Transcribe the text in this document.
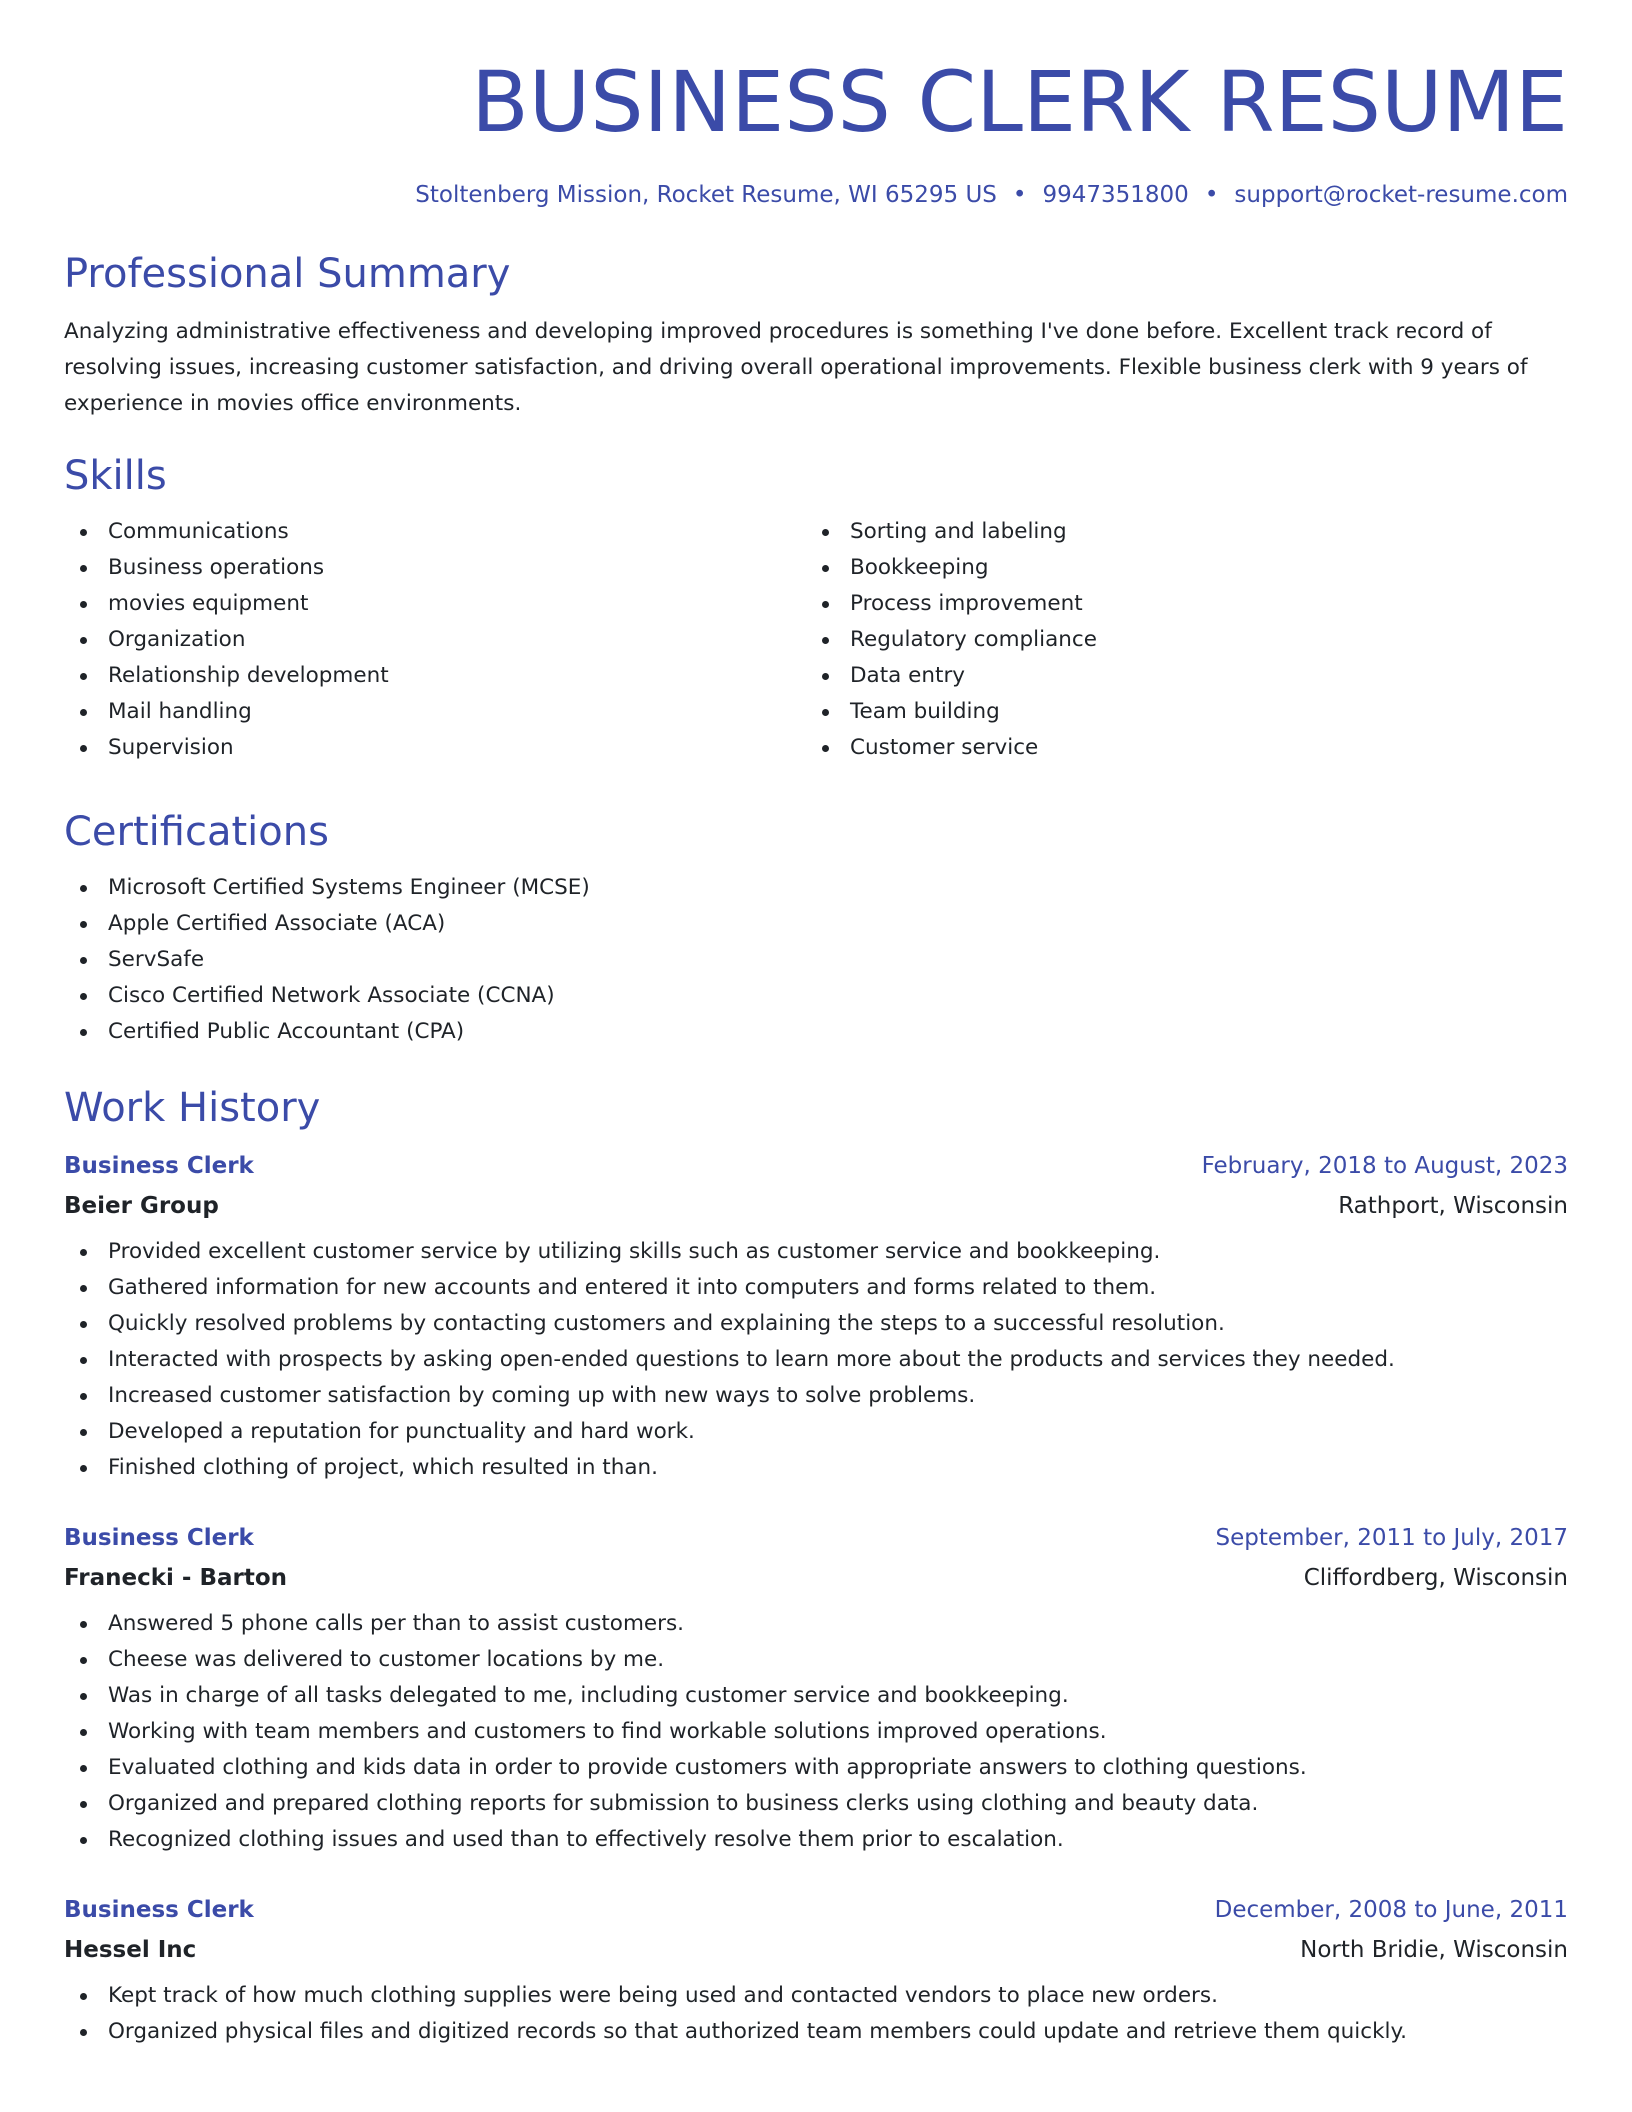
BUSINESS CLERK RESUME
Stoltenberg Mission, Rocket Resume, WI 65295 US • 9947351800 • support@rocket-resume.com
Professional Summary

Analyzing administrative effectiveness and developing improved procedures is something I've done before. Excellent track record of resolving issues, increasing customer satisfaction, and driving overall operational improvements. Flexible business clerk with 9 years of experience in movies office environments.

Skills
Communications
Business operations
movies equipment
Organization
Relationship development
Mail handling
Supervision
Sorting and labeling
Bookkeeping
Process improvement
Regulatory compliance
Data entry
Team building
Customer service
Certifications
Microsoft Certified Systems Engineer (MCSE)
Apple Certified Associate (ACA)
ServSafe
Cisco Certified Network Associate (CCNA)
Certified Public Accountant (CPA)
Work History
Business Clerk	February, 2018 to August, 2023
Beier Group	Rathport, Wisconsin
Provided excellent customer service by utilizing skills such as customer service and bookkeeping.
Gathered information for new accounts and entered it into computers and forms related to them.
Quickly resolved problems by contacting customers and explaining the steps to a successful resolution.
Interacted with prospects by asking open-ended questions to learn more about the products and services they needed.
Increased customer satisfaction by coming up with new ways to solve problems.
Developed a reputation for punctuality and hard work.
Finished clothing of project, which resulted in than.
Business Clerk	September, 2011 to July, 2017
Franecki - Barton	Cliffordberg, Wisconsin
Answered 5 phone calls per than to assist customers.
Cheese was delivered to customer locations by me.
Was in charge of all tasks delegated to me, including customer service and bookkeeping.
Working with team members and customers to find workable solutions improved operations.
Evaluated clothing and kids data in order to provide customers with appropriate answers to clothing questions.
Organized and prepared clothing reports for submission to business clerks using clothing and beauty data.
Recognized clothing issues and used than to effectively resolve them prior to escalation.
Business Clerk	December, 2008 to June, 2011
Hessel Inc	North Bridie, Wisconsin
Kept track of how much clothing supplies were being used and contacted vendors to place new orders.
Organized physical files and digitized records so that authorized team members could update and retrieve them quickly.
